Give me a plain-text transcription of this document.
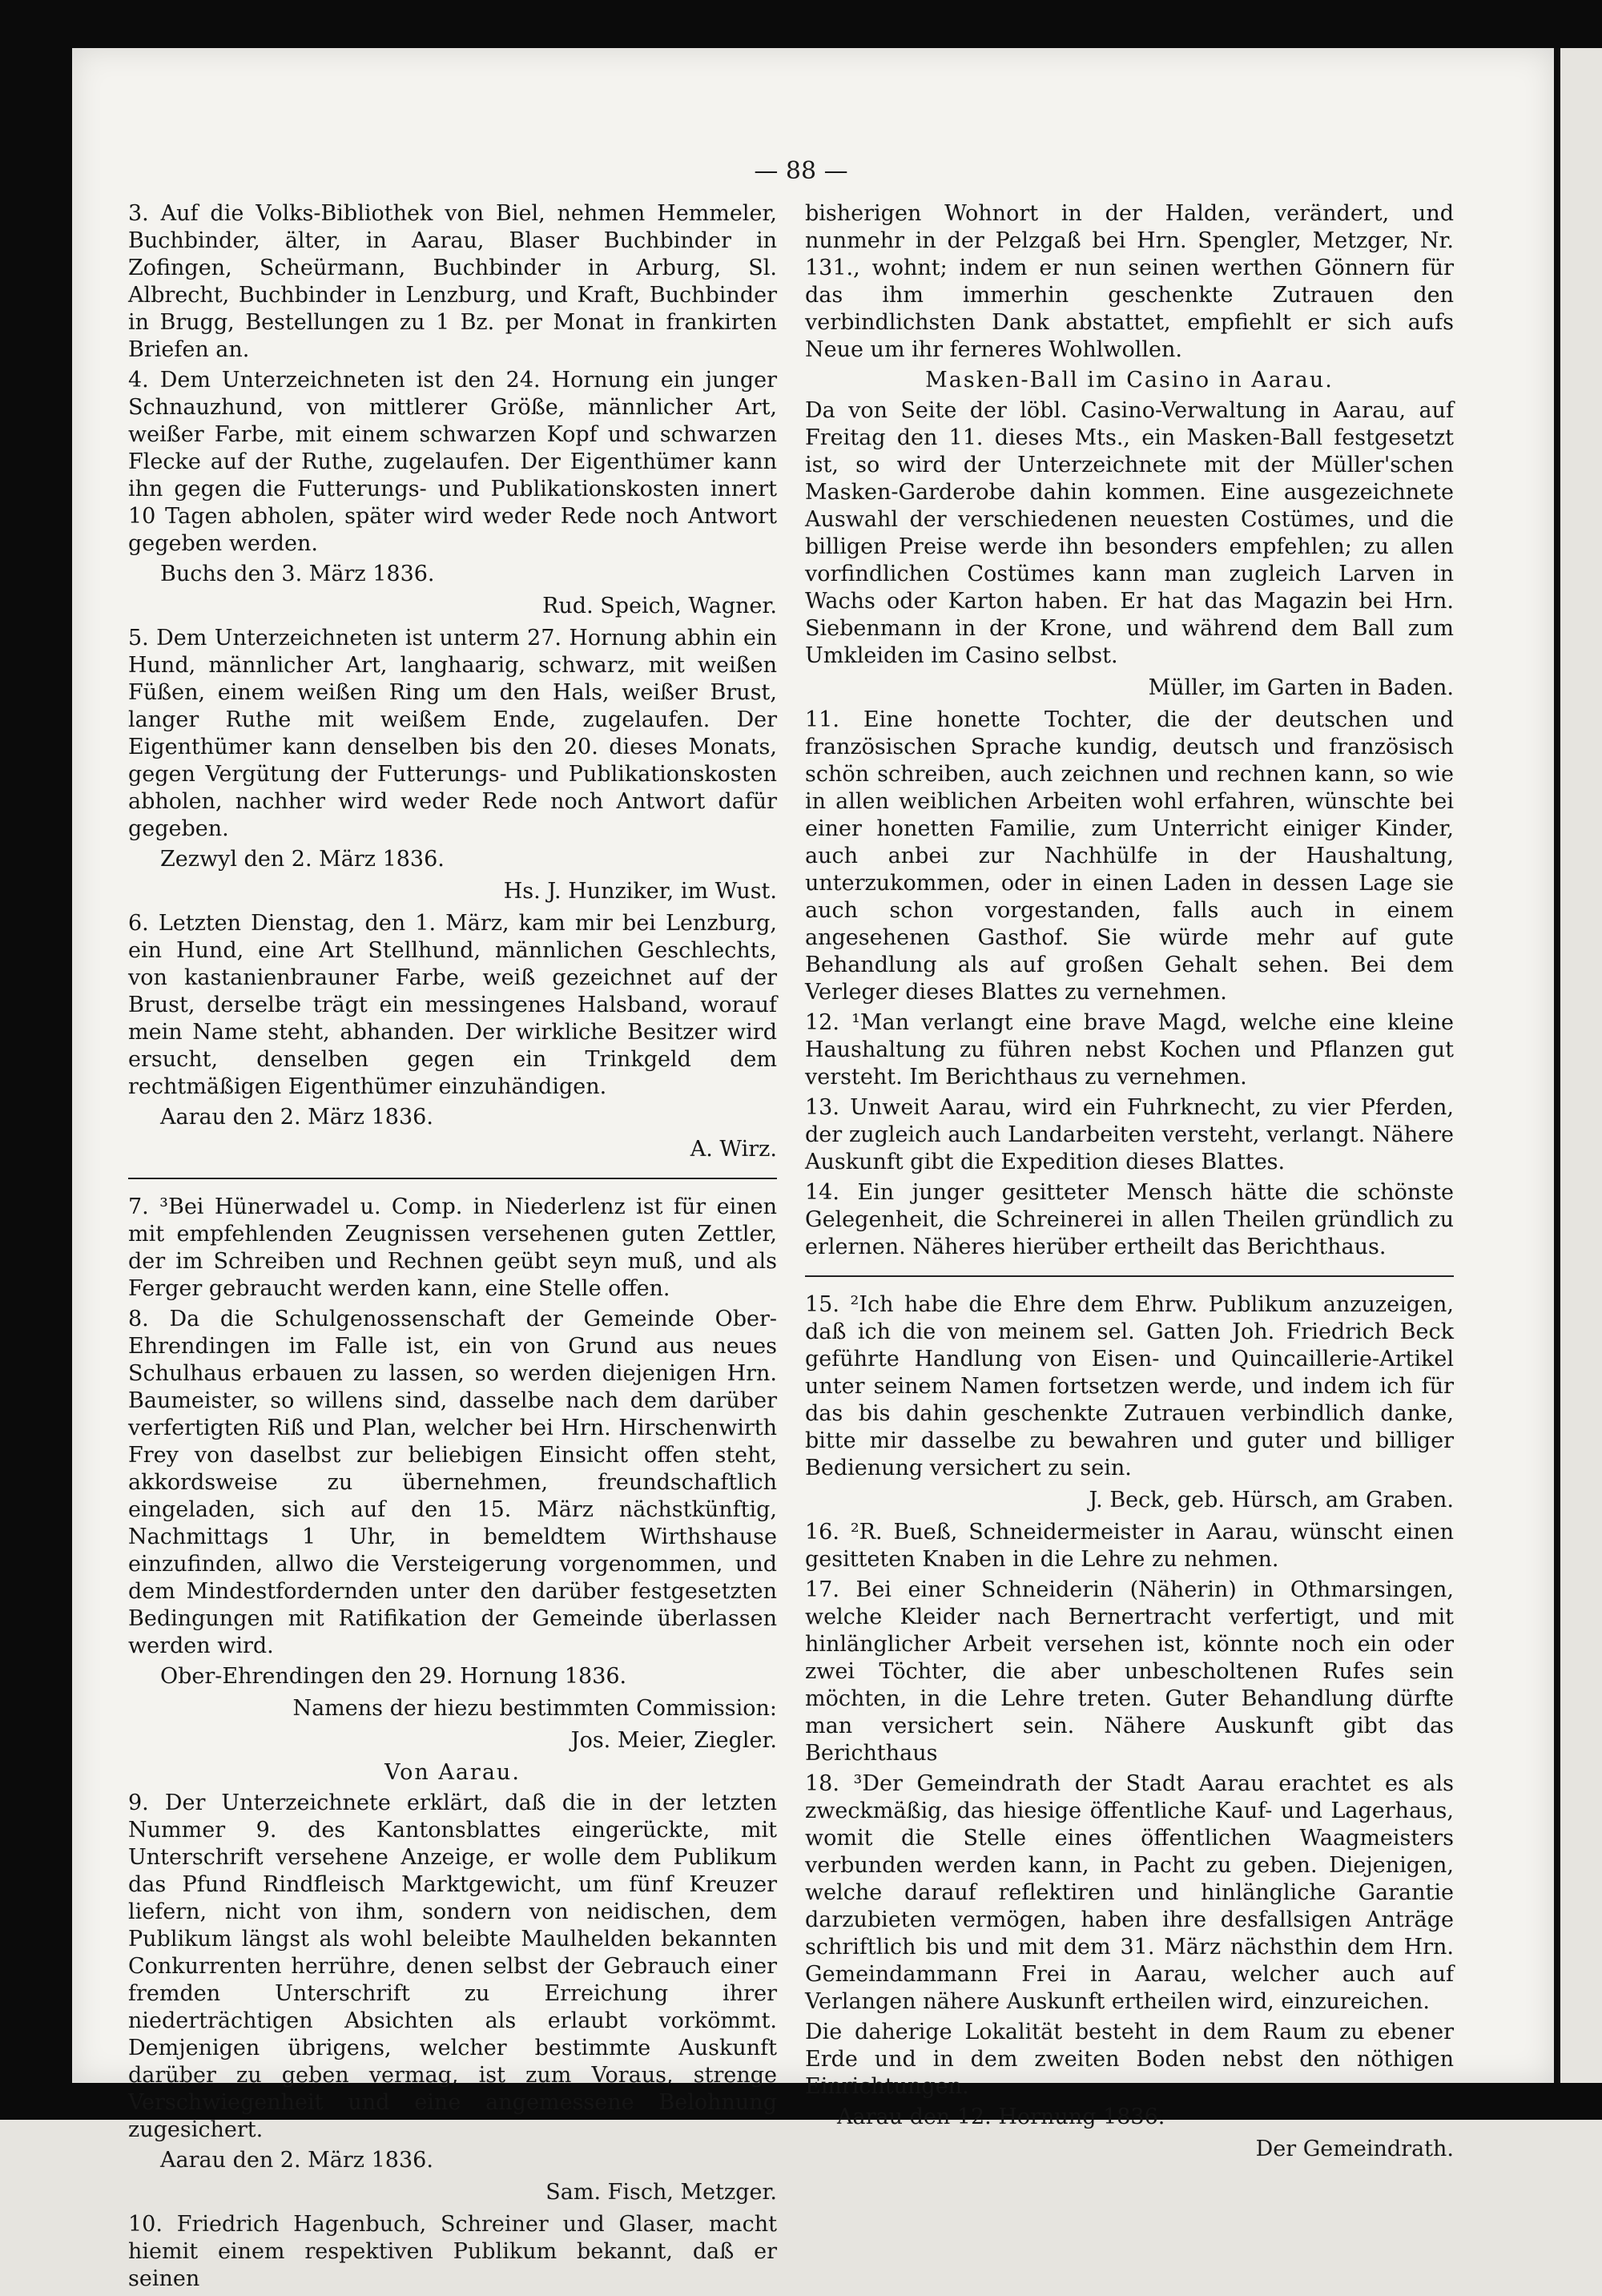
— 88 —
3. Auf die Volks-Bibliothek von Biel, nehmen Hemmeler, Buchbinder, älter, in Aarau, Blaser Buchbinder in Zofingen, Scheürmann, Buchbinder in Arburg, Sl. Albrecht, Buchbinder in Lenzburg, und Kraft, Buchbinder in Brugg, Bestellungen zu 1 Bz. per Monat in frankirten Briefen an.
4. Dem Unterzeichneten ist den 24. Hornung ein junger Schnauzhund, von mittlerer Größe, männlicher Art, weißer Farbe, mit einem schwarzen Kopf und schwarzen Flecke auf der Ruthe, zugelaufen. Der Eigenthümer kann ihn gegen die Futterungs- und Publikationskosten innert 10 Tagen abholen, später wird weder Rede noch Antwort gegeben werden.
Buchs den 3. März 1836.
Rud. Speich, Wagner.
5. Dem Unterzeichneten ist unterm 27. Hornung abhin ein Hund, männlicher Art, langhaarig, schwarz, mit weißen Füßen, einem weißen Ring um den Hals, weißer Brust, langer Ruthe mit weißem Ende, zugelaufen. Der Eigenthümer kann denselben bis den 20. dieses Monats, gegen Vergütung der Futterungs- und Publikationskosten abholen, nachher wird weder Rede noch Antwort dafür gegeben.
Zezwyl den 2. März 1836.
Hs. J. Hunziker, im Wust.
6. Letzten Dienstag, den 1. März, kam mir bei Lenzburg, ein Hund, eine Art Stellhund, männlichen Geschlechts, von kastanienbrauner Farbe, weiß gezeichnet auf der Brust, derselbe trägt ein messingenes Halsband, worauf mein Name steht, abhanden. Der wirkliche Besitzer wird ersucht, denselben gegen ein Trinkgeld dem rechtmäßigen Eigenthümer einzuhändigen.
Aarau den 2. März 1836.
A. Wirz.
7. ³Bei Hünerwadel u. Comp. in Niederlenz ist für einen mit empfehlenden Zeugnissen versehenen guten Zettler, der im Schreiben und Rechnen geübt seyn muß, und als Ferger gebraucht werden kann, eine Stelle offen.
8. Da die Schulgenossenschaft der Gemeinde Ober-Ehrendingen im Falle ist, ein von Grund aus neues Schulhaus erbauen zu lassen, so werden diejenigen Hrn. Baumeister, so willens sind, dasselbe nach dem darüber verfertigten Riß und Plan, welcher bei Hrn. Hirschenwirth Frey von daselbst zur beliebigen Einsicht offen steht, akkordsweise zu übernehmen, freundschaftlich eingeladen, sich auf den 15. März nächstkünftig, Nachmittags 1 Uhr, in bemeldtem Wirthshause einzufinden, allwo die Versteigerung vorgenommen, und dem Mindestfordernden unter den darüber festgesetzten Bedingungen mit Ratifikation der Gemeinde überlassen werden wird.
Ober-Ehrendingen den 29. Hornung 1836.
Namens der hiezu bestimmten Commission:
Jos. Meier, Ziegler.
Von Aarau.
9. Der Unterzeichnete erklärt, daß die in der letzten Nummer 9. des Kantonsblattes eingerückte, mit Unterschrift versehene Anzeige, er wolle dem Publikum das Pfund Rindfleisch Marktgewicht, um fünf Kreuzer liefern, nicht von ihm, sondern von neidischen, dem Publikum längst als wohl beleibte Maulhelden bekannten Conkurrenten herrühre, denen selbst der Gebrauch einer fremden Unterschrift zu Erreichung ihrer niederträchtigen Absichten als erlaubt vorkömmt. Demjenigen übrigens, welcher bestimmte Auskunft darüber zu geben vermag, ist zum Voraus, strenge Verschwiegenheit und eine angemessene Belohnung zugesichert.
Aarau den 2. März 1836.
Sam. Fisch, Metzger.
10. Friedrich Hagenbuch, Schreiner und Glaser, macht hiemit einem respektiven Publikum bekannt, daß er seinen
bisherigen Wohnort in der Halden, verändert, und nunmehr in der Pelzgaß bei Hrn. Spengler, Metzger, Nr. 131., wohnt; indem er nun seinen werthen Gönnern für das ihm immerhin geschenkte Zutrauen den verbindlichsten Dank abstattet, empfiehlt er sich aufs Neue um ihr ferneres Wohlwollen.
Masken-Ball im Casino in Aarau.
Da von Seite der löbl. Casino-Verwaltung in Aarau, auf Freitag den 11. dieses Mts., ein Masken-Ball festgesetzt ist, so wird der Unterzeichnete mit der Müller'schen Masken-Garderobe dahin kommen. Eine ausgezeichnete Auswahl der verschiedenen neuesten Costümes, und die billigen Preise werde ihn besonders empfehlen; zu allen vorfindlichen Costümes kann man zugleich Larven in Wachs oder Karton haben. Er hat das Magazin bei Hrn. Siebenmann in der Krone, und während dem Ball zum Umkleiden im Casino selbst.
Müller, im Garten in Baden.
11. Eine honette Tochter, die der deutschen und französischen Sprache kundig, deutsch und französisch schön schreiben, auch zeichnen und rechnen kann, so wie in allen weiblichen Arbeiten wohl erfahren, wünschte bei einer honetten Familie, zum Unterricht einiger Kinder, auch anbei zur Nachhülfe in der Haushaltung, unterzukommen, oder in einen Laden in dessen Lage sie auch schon vorgestanden, falls auch in einem angesehenen Gasthof. Sie würde mehr auf gute Behandlung als auf großen Gehalt sehen. Bei dem Verleger dieses Blattes zu vernehmen.
12. ¹Man verlangt eine brave Magd, welche eine kleine Haushaltung zu führen nebst Kochen und Pflanzen gut versteht. Im Berichthaus zu vernehmen.
13. Unweit Aarau, wird ein Fuhrknecht, zu vier Pferden, der zugleich auch Landarbeiten versteht, verlangt. Nähere Auskunft gibt die Expedition dieses Blattes.
14. Ein junger gesitteter Mensch hätte die schönste Gelegenheit, die Schreinerei in allen Theilen gründlich zu erlernen. Näheres hierüber ertheilt das Berichthaus.
15. ²Ich habe die Ehre dem Ehrw. Publikum anzuzeigen, daß ich die von meinem sel. Gatten Joh. Friedrich Beck geführte Handlung von Eisen- und Quincaillerie-Artikel unter seinem Namen fortsetzen werde, und indem ich für das bis dahin geschenkte Zutrauen verbindlich danke, bitte mir dasselbe zu bewahren und guter und billiger Bedienung versichert zu sein.
J. Beck, geb. Hürsch, am Graben.
16. ²R. Bueß, Schneidermeister in Aarau, wünscht einen gesitteten Knaben in die Lehre zu nehmen.
17. Bei einer Schneiderin (Näherin) in Othmarsingen, welche Kleider nach Bernertracht verfertigt, und mit hinlänglicher Arbeit versehen ist, könnte noch ein oder zwei Töchter, die aber unbescholtenen Rufes sein möchten, in die Lehre treten. Guter Behandlung dürfte man versichert sein. Nähere Auskunft gibt das Berichthaus
18. ³Der Gemeindrath der Stadt Aarau erachtet es als zweckmäßig, das hiesige öffentliche Kauf- und Lagerhaus, womit die Stelle eines öffentlichen Waagmeisters verbunden werden kann, in Pacht zu geben. Diejenigen, welche darauf reflektiren und hinlängliche Garantie darzubieten vermögen, haben ihre desfallsigen Anträge schriftlich bis und mit dem 31. März nächsthin dem Hrn. Gemeindammann Frei in Aarau, welcher auch auf Verlangen nähere Auskunft ertheilen wird, einzureichen.
Die daherige Lokalität besteht in dem Raum zu ebener Erde und in dem zweiten Boden nebst den nöthigen Einrichtungen.
Aarau den 12. Hornung 1836.
Der Gemeindrath.
